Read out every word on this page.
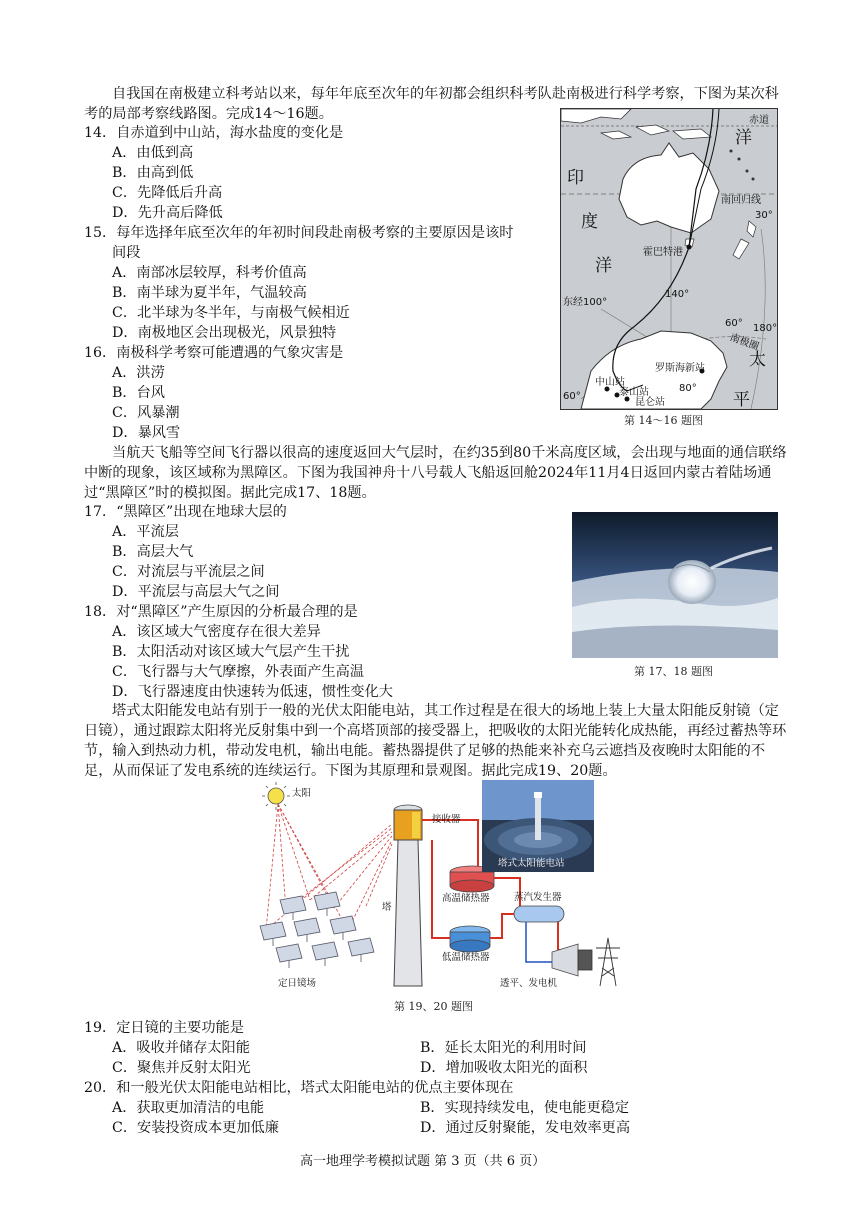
自我国在南极建立科考站以来，每年年底至次年的年初都会组织科考队赴南极进行科学考察，下图为某次科考的局部考察线路图。完成14～16题。
14．自赤道到中山站，海水盐度的变化是
A．由低到高
B．由高到低
C．先降低后升高
D．先升高后降低
15．每年选择年底至次年的年初时间段赴南极考察的主要原因是该时
间段
A．南部冰层较厚，科考价值高
B．南半球为夏半年，气温较高
C．北半球为冬半年，与南极气候相近
D．南极地区会出现极光，风景独特
16．南极科学考察可能遭遇的气象灾害是
A．洪涝
B．台风
C．风暴潮
D．暴风雪
赤道
洋
印
度
洋
南回归线
30°
霍巴特港
140°
东经100°
60° 180°
南极圈
太
罗斯海新站
中山站
80°
泰山站
60°
昆仑站	平
第 14～16 题图
当航天飞船等空间飞行器以很高的速度返回大气层时，在约35到80千米高度区域，会出现与地面的通信联络中断的现象，该区域称为黑障区。下图为我国神舟十八号载人飞船返回舱2024年11月4日返回内蒙古着陆场通过“黑障区”时的模拟图。据此完成17、18题。
17．“黑障区”出现在地球大层的
A．平流层
B．高层大气
C．对流层与平流层之间
D．平流层与高层大气之间
18．对“黑障区”产生原因的分析最合理的是
A．该区域大气密度存在很大差异
B．太阳活动对该区域大气层产生干扰
C．飞行器与大气摩擦，外表面产生高温
D．飞行器速度由快速转为低速，惯性变化大
第 17、18 题图
塔式太阳能发电站有别于一般的光伏太阳能电站，其工作过程是在很大的场地上装上大量太阳能反射镜（定日镜），通过跟踪太阳将光反射集中到一个高塔顶部的接受器上，把吸收的太阳光能转化成热能，再经过蓄热等环节，输入到热动力机，带动发电机，输出电能。蓄热器提供了足够的热能来补充乌云遮挡及夜晚时太阳能的不足，从而保证了发电系统的连续运行。下图为其原理和景观图。据此完成19、20题。
塔式太阳能电站
太阳
接收器
塔
高温储热器
低温储热器
蒸汽发生器
透平、发电机
定日镜场
第 19、20 题图
19．定日镜的主要功能是
A．吸收并储存太阳能	B．延长太阳光的利用时间
C．聚焦并反射太阳光	D．增加吸收太阳光的面积
20．和一般光伏太阳能电站相比，塔式太阳能电站的优点主要体现在
A．获取更加清洁的电能	B．实现持续发电，使电能更稳定
C．安装投资成本更加低廉	D．通过反射聚能，发电效率更高
高一地理学考模拟试题 第 3 页（共 6 页）
